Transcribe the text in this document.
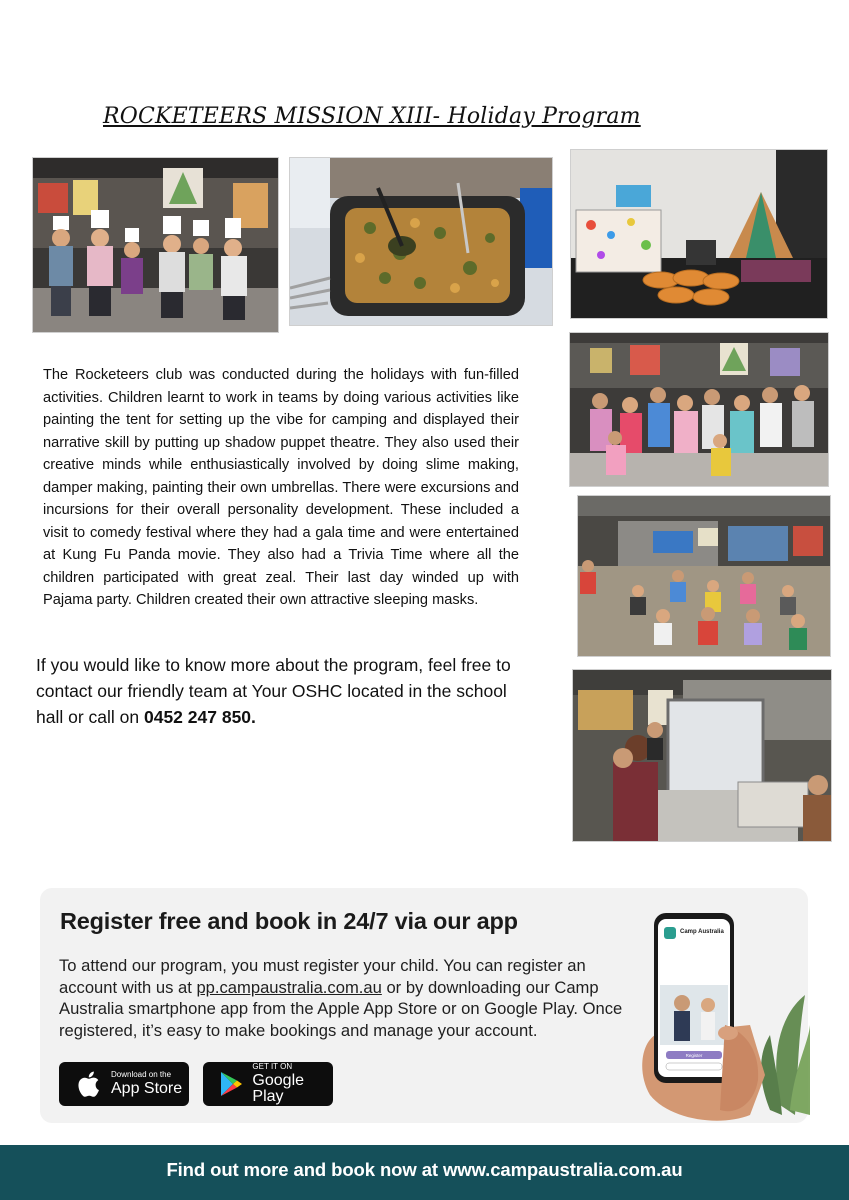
ROCKETEERS MISSION XIII- Holiday Program
The Rocketeers club was conducted during the holidays with fun-filled activities. Children learnt to work in teams by doing various activities like painting the tent for setting up the vibe for camping and displayed their narrative skill by putting up shadow puppet theatre. They also used their creative minds while enthusiastically involved by doing slime making, damper making, painting their own umbrellas. There were excursions and incursions for their overall personality development. These included a visit to comedy festival where they had a gala time and were entertained at Kung Fu Panda movie. They also had a Trivia Time where all the children participated with great zeal. Their last day winded up with Pajama party. Children created their own attractive sleeping masks.
If you would like to know more about the program, feel free to contact our friendly team at Your OSHC located in the school hall or call on 0452 247 850.
Register free and book in 24/7 via our app
To attend our program, you must register your child. You can register an account with us at pp.campaustralia.com.au or by downloading our Camp Australia smartphone app from the Apple App Store or on Google Play. Once registered, it’s easy to make bookings and manage your account.
Download on the
App Store
GET IT ON
Google Play
Camp Australia
Register
Find out more and book now at www.campaustralia.com.au
